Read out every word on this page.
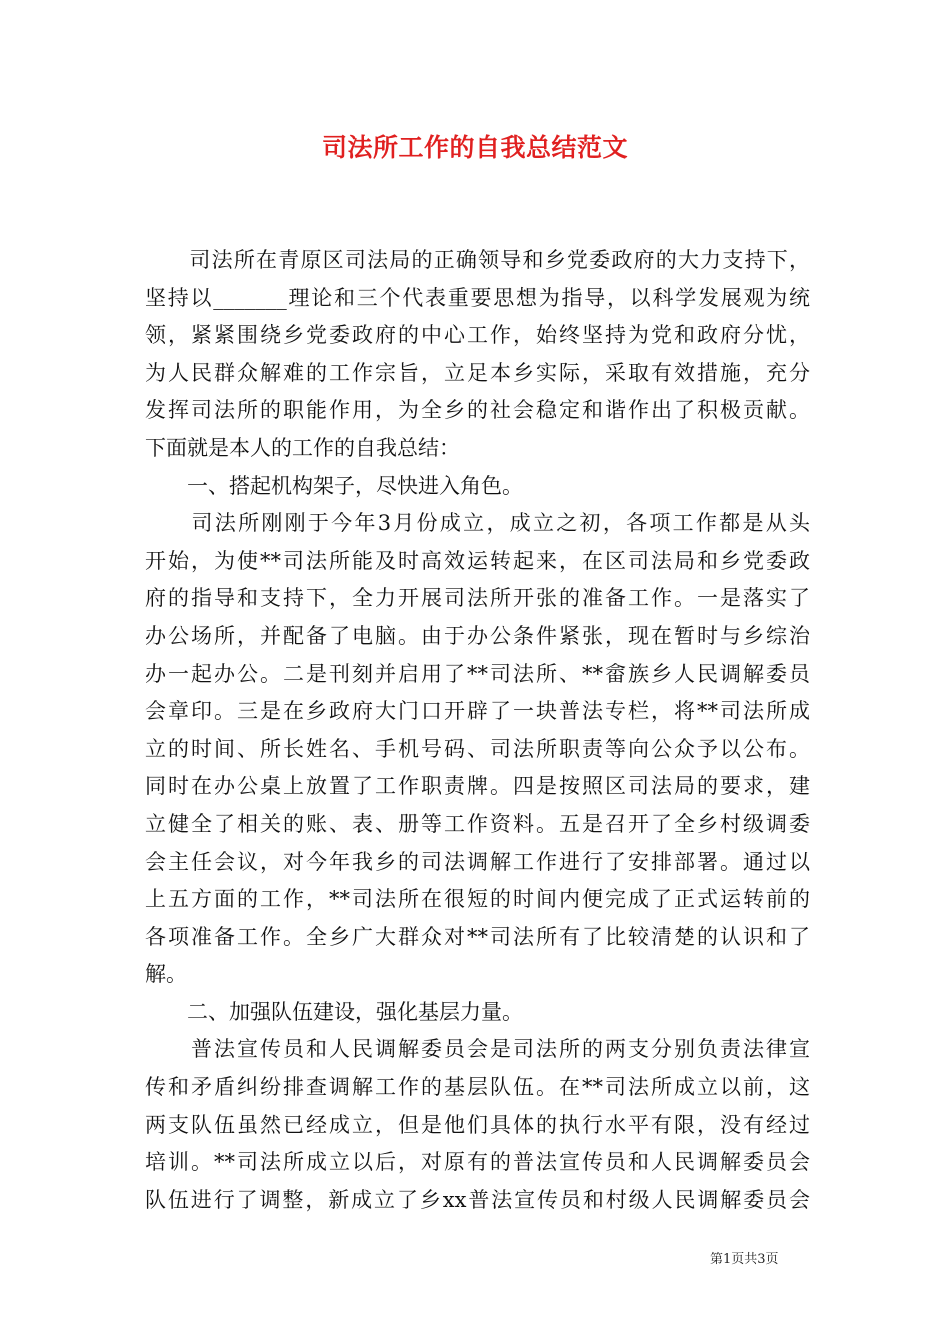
司法所工作的自我总结范文
　　司法所在青原区司法局的正确领导和乡党委政府的大力支持下，
坚持以_______理论和三个代表重要思想为指导，以科学发展观为统
领，紧紧围绕乡党委政府的中心工作，始终坚持为党和政府分忧，
为人民群众解难的工作宗旨，立足本乡实际，采取有效措施，充分
发挥司法所的职能作用，为全乡的社会稳定和谐作出了积极贡献。
下面就是本人的工作的自我总结：
　　一、搭起机构架子，尽快进入角色。
　　司法所刚刚于今年3月份成立，成立之初，各项工作都是从头
开始，为使**司法所能及时高效运转起来，在区司法局和乡党委政
府的指导和支持下，全力开展司法所开张的准备工作。一是落实了
办公场所，并配备了电脑。由于办公条件紧张，现在暂时与乡综治
办一起办公。二是刊刻并启用了**司法所、**畲族乡人民调解委员
会章印。三是在乡政府大门口开辟了一块普法专栏，将**司法所成
立的时间、所长姓名、手机号码、司法所职责等向公众予以公布。
同时在办公桌上放置了工作职责牌。四是按照区司法局的要求，建
立健全了相关的账、表、册等工作资料。五是召开了全乡村级调委
会主任会议，对今年我乡的司法调解工作进行了安排部署。通过以
上五方面的工作，**司法所在很短的时间内便完成了正式运转前的
各项准备工作。全乡广大群众对**司法所有了比较清楚的认识和了
解。
　　二、加强队伍建设，强化基层力量。
　　普法宣传员和人民调解委员会是司法所的两支分别负责法律宣
传和矛盾纠纷排查调解工作的基层队伍。在**司法所成立以前，这
两支队伍虽然已经成立，但是他们具体的执行水平有限，没有经过
培训。**司法所成立以后，对原有的普法宣传员和人民调解委员会
队伍进行了调整，新成立了乡xx普法宣传员和村级人民调解委员会
第1页共3页
